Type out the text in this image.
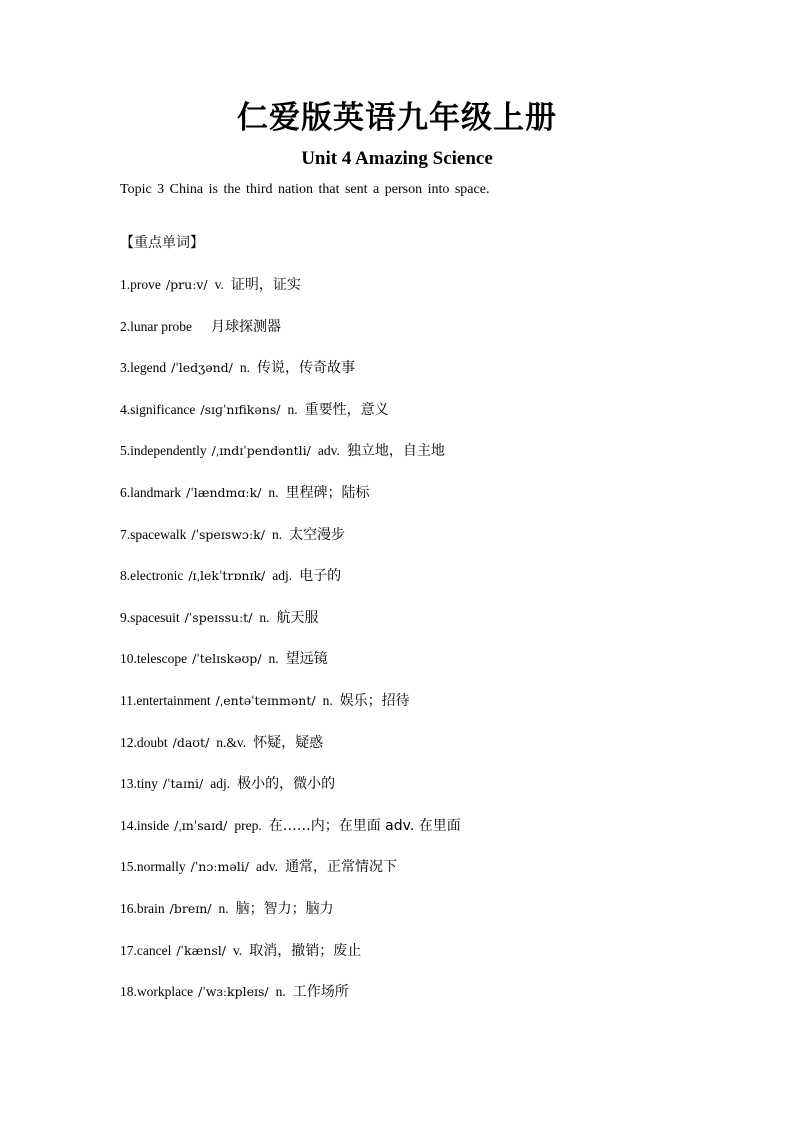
仁爱版英语九年级上册
Unit 4 Amazing Science
Topic 3 China is the third nation that sent a person into space.
【重点单词】
1.prove /pruːv/ v. 证明，证实
2.lunar probe 月球探测器
3.legend /ˈledʒənd/ n. 传说，传奇故事
4.significance /sɪɡˈnɪfikəns/ n. 重要性，意义
5.independently /ˌɪndɪˈpendəntli/ adv. 独立地，自主地
6.landmark /ˈlændmɑːk/ n. 里程碑；陆标
7.spacewalk /ˈspeɪswɔːk/ n. 太空漫步
8.electronic /ɪˌlekˈtrɒnɪk/ adj. 电子的
9.spacesuit /ˈspeɪssuːt/ n. 航天服
10.telescope /ˈtelɪskəʊp/ n. 望远镜
11.entertainment /ˌentəˈteɪnmənt/ n. 娱乐；招待
12.doubt /daʊt/ n.&v. 怀疑，疑惑
13.tiny /ˈtaɪni/ adj. 极小的，微小的
14.inside /ˌɪnˈsaɪd/ prep. 在……内；在里面 adv. 在里面
15.normally /ˈnɔːməli/ adv. 通常，正常情况下
16.brain /breɪn/ n. 脑；智力；脑力
17.cancel /ˈkænsl/ v. 取消，撤销；废止
18.workplace /ˈwɜːkpleɪs/ n. 工作场所
